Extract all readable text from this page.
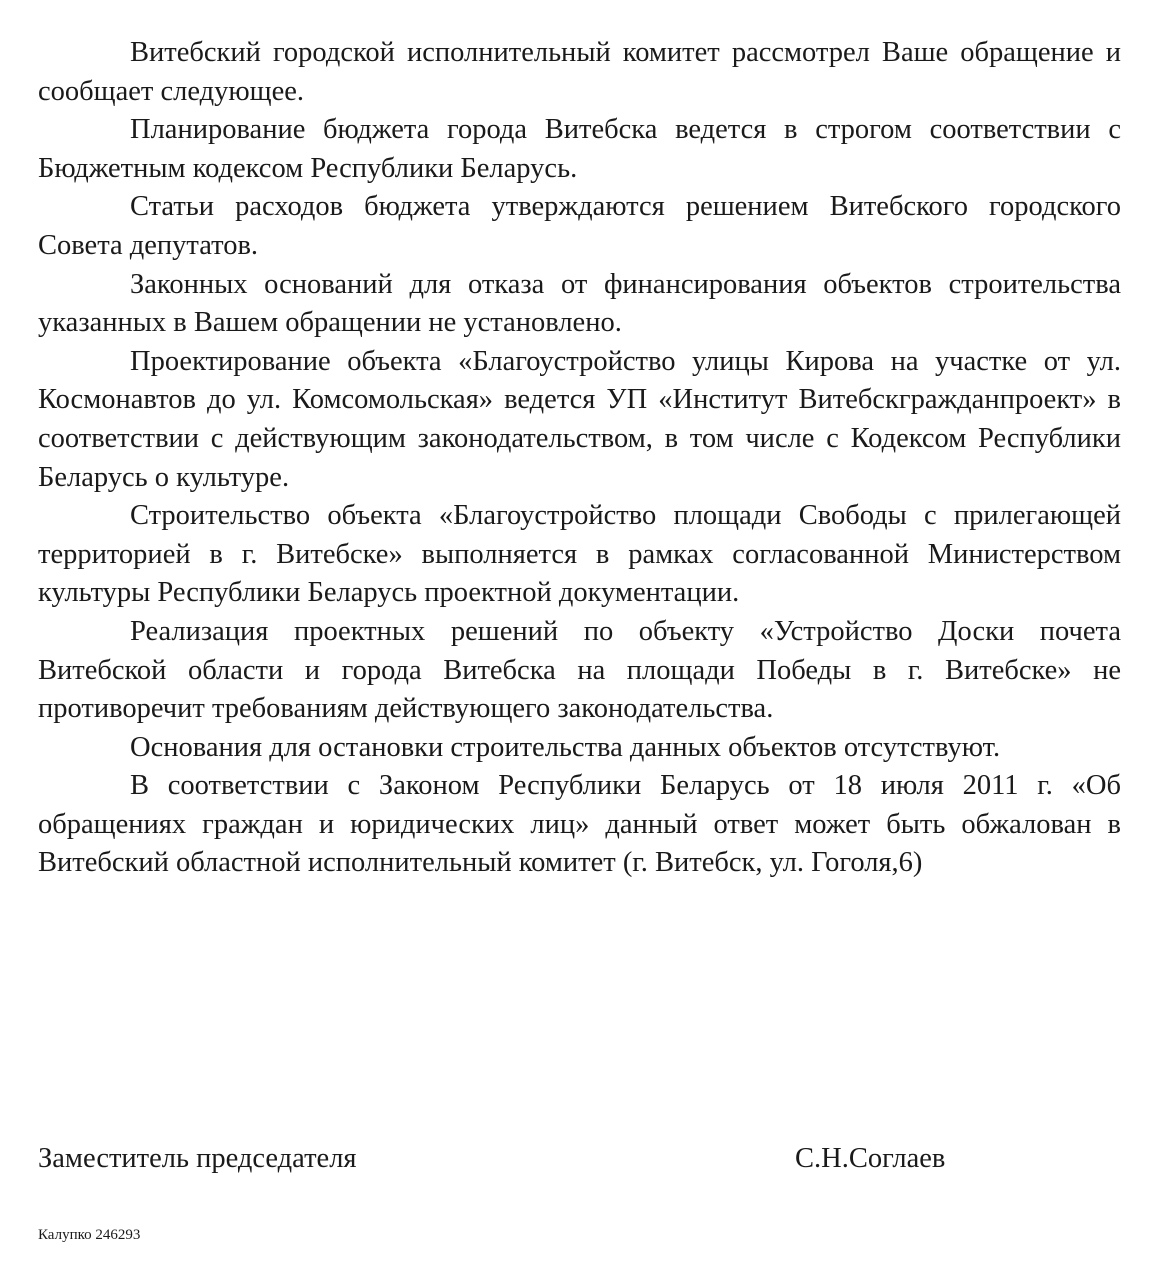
Витебский городской исполнительный комитет рассмотрел Ваше обращение и сообщает следующее.

Планирование бюджета города Витебска ведется в строгом соответствии с Бюджетным кодексом Республики Беларусь.

Статьи расходов бюджета утверждаются решением Витебского городского Совета депутатов.

Законных оснований для отказа от финансирования объектов строительства указанных в Вашем обращении не установлено.

Проектирование объекта «Благоустройство улицы Кирова на участке от ул. Космонавтов до ул. Комсомольская» ведется УП «Институт Витебскгражданпроект» в соответствии с действующим законодательством, в том числе с Кодексом Республики Беларусь о культуре.

Строительство объекта «Благоустройство площади Свободы с прилегающей территорией в г. Витебске» выполняется в рамках согласованной Министерством культуры Республики Беларусь проектной документации.

Реализация проектных решений по объекту «Устройство Доски почета Витебской области и города Витебска на площади Победы в г. Витебске» не противоречит требованиям действующего законодательства.

Основания для остановки строительства данных объектов отсутствуют.

В соответствии с Законом Республики Беларусь от 18 июля 2011 г. «Об обращениях граждан и юридических лиц» данный ответ может быть обжалован в Витебский областной исполнительный комитет (г. Витебск, ул. Гоголя,6)

Заместитель председателя	С.Н.Соглаев
Калупко 246293
